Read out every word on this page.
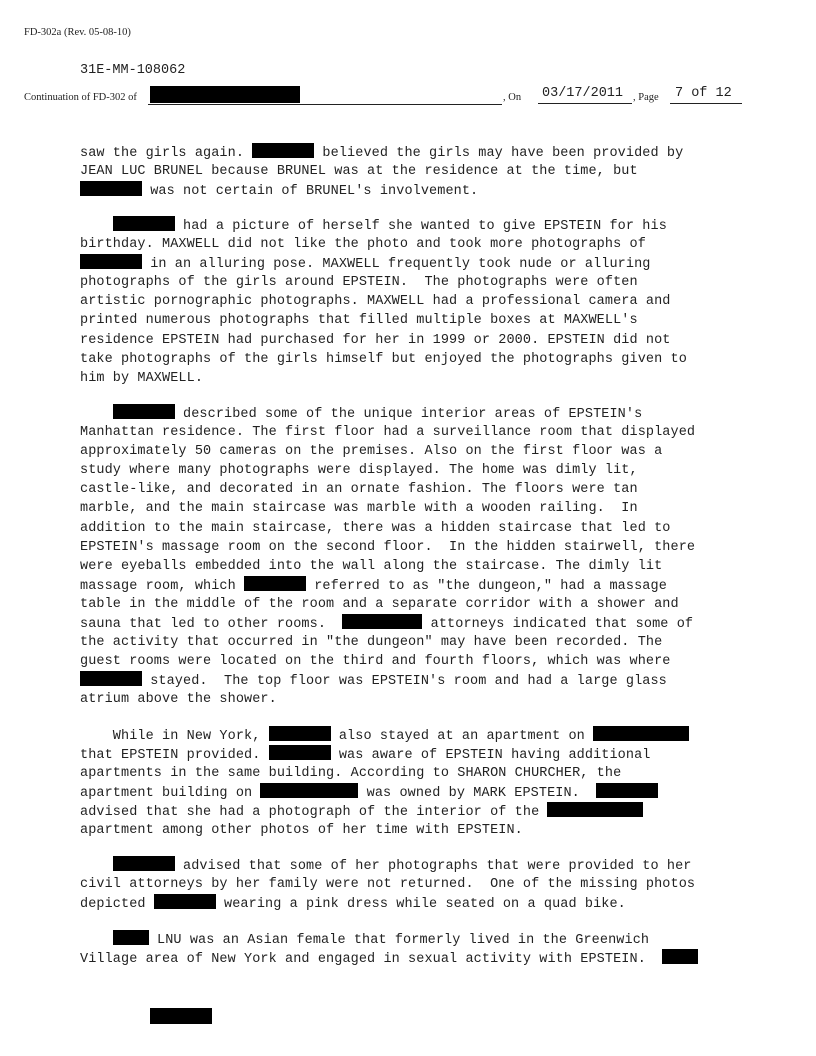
FD-302a (Rev. 05-08-10)
31E-MM-108062
Continuation of FD-302 of	, On 03/17/2011 , Page 7 of 12
saw the girls again.	believed the girls may have been provided by
JEAN LUC BRUNEL because BRUNEL was at the residence at the time, but
was not certain of BRUNEL's involvement.
had a picture of herself she wanted to give EPSTEIN for his
birthday. MAXWELL did not like the photo and took more photographs of
in an alluring pose. MAXWELL frequently took nude or alluring
photographs of the girls around EPSTEIN.  The photographs were often
artistic pornographic photographs. MAXWELL had a professional camera and
printed numerous photographs that filled multiple boxes at MAXWELL's
residence EPSTEIN had purchased for her in 1999 or 2000. EPSTEIN did not
take photographs of the girls himself but enjoyed the photographs given to
him by MAXWELL.
described some of the unique interior areas of EPSTEIN's
Manhattan residence. The first floor had a surveillance room that displayed
approximately 50 cameras on the premises. Also on the first floor was a
study where many photographs were displayed. The home was dimly lit,
castle-like, and decorated in an ornate fashion. The floors were tan
marble, and the main staircase was marble with a wooden railing.  In
addition to the main staircase, there was a hidden staircase that led to
EPSTEIN's massage room on the second floor.  In the hidden stairwell, there
were eyeballs embedded into the wall along the staircase. The dimly lit
massage room, which	referred to as "the dungeon," had a massage
table in the middle of the room and a separate corridor with a shower and
sauna that led to other rooms.	attorneys indicated that some of
the activity that occurred in "the dungeon" may have been recorded. The
guest rooms were located on the third and fourth floors, which was where
stayed.  The top floor was EPSTEIN's room and had a large glass
atrium above the shower.
While in New York,	also stayed at an apartment on
that EPSTEIN provided.	was aware of EPSTEIN having additional
apartments in the same building. According to SHARON CHURCHER, the
apartment building on	was owned by MARK EPSTEIN.
advised that she had a photograph of the interior of the
apartment among other photos of her time with EPSTEIN.
advised that some of her photographs that were provided to her
civil attorneys by her family were not returned.  One of the missing photos
depicted	wearing a pink dress while seated on a quad bike.
LNU was an Asian female that formerly lived in the Greenwich
Village area of New York and engaged in sexual activity with EPSTEIN.
